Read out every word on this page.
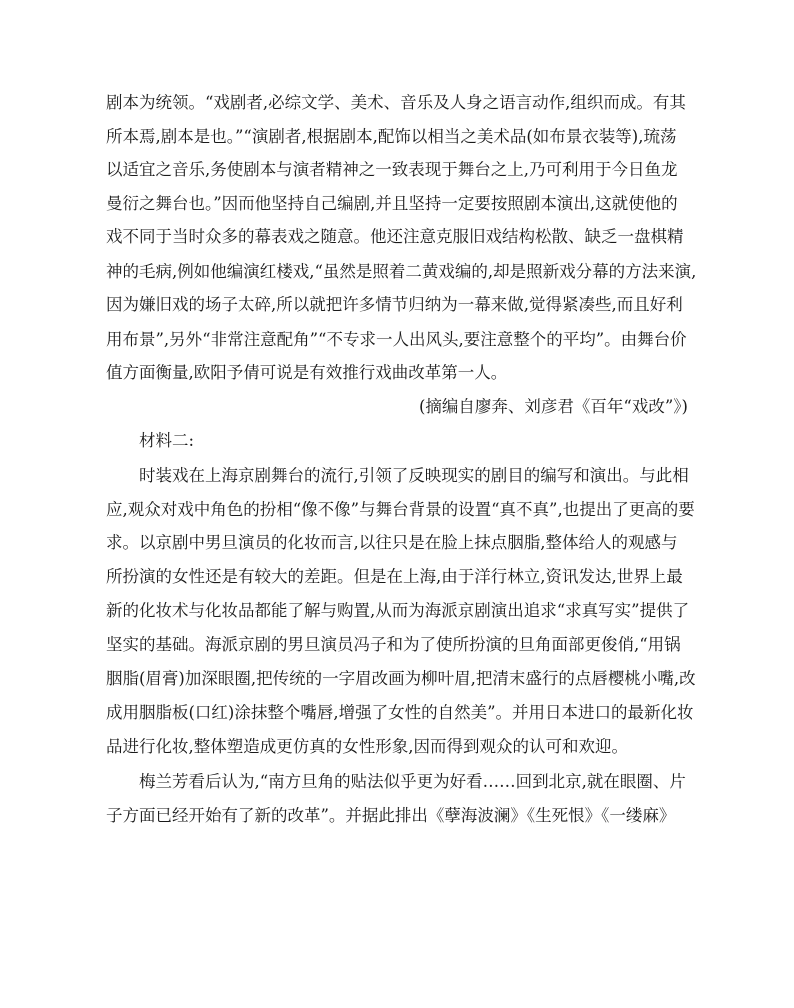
剧本为统领。“戏剧者,必综文学、美术、音乐及人身之语言动作,组织而成。有其
所本焉,剧本是也。”“演剧者,根据剧本,配饰以相当之美术品(如布景衣装等),琉荡
以适宜之音乐,务使剧本与演者精神之一致表现于舞台之上,乃可利用于今日鱼龙
曼衍之舞台也。”因而他坚持自己编剧,并且坚持一定要按照剧本演出,这就使他的
戏不同于当时众多的幕表戏之随意。他还注意克服旧戏结构松散、缺乏一盘棋精
神的毛病,例如他编演红楼戏,“虽然是照着二黄戏编的,却是照新戏分幕的方法来演,
因为嫌旧戏的场子太碎,所以就把许多情节归纳为一幕来做,觉得紧凑些,而且好利
用布景”,另外“非常注意配角”“不专求一人出风头,要注意整个的平均”。由舞台价
值方面衡量,欧阳予倩可说是有效推行戏曲改革第一人。
(摘编自廖奔、刘彦君《百年“戏改”》)
材料二:
时装戏在上海京剧舞台的流行,引领了反映现实的剧目的编写和演出。与此相
应,观众对戏中角色的扮相“像不像”与舞台背景的设置“真不真”,也提出了更高的要
求。以京剧中男旦演员的化妆而言,以往只是在脸上抹点胭脂,整体给人的观感与
所扮演的女性还是有较大的差距。但是在上海,由于洋行林立,资讯发达,世界上最
新的化妆术与化妆品都能了解与购置,从而为海派京剧演出追求“求真写实”提供了
坚实的基础。海派京剧的男旦演员冯子和为了使所扮演的旦角面部更俊俏,“用锅
胭脂(眉膏)加深眼圈,把传统的一字眉改画为柳叶眉,把清末盛行的点唇樱桃小嘴,改
成用胭脂板(口红)涂抹整个嘴唇,增强了女性的自然美”。并用日本进口的最新化妆
品进行化妆,整体塑造成更仿真的女性形象,因而得到观众的认可和欢迎。
梅兰芳看后认为,“南方旦角的贴法似乎更为好看……回到北京,就在眼圈、片
子方面已经开始有了新的改革”。并据此排出《孽海波澜》《生死恨》《一缕麻》
